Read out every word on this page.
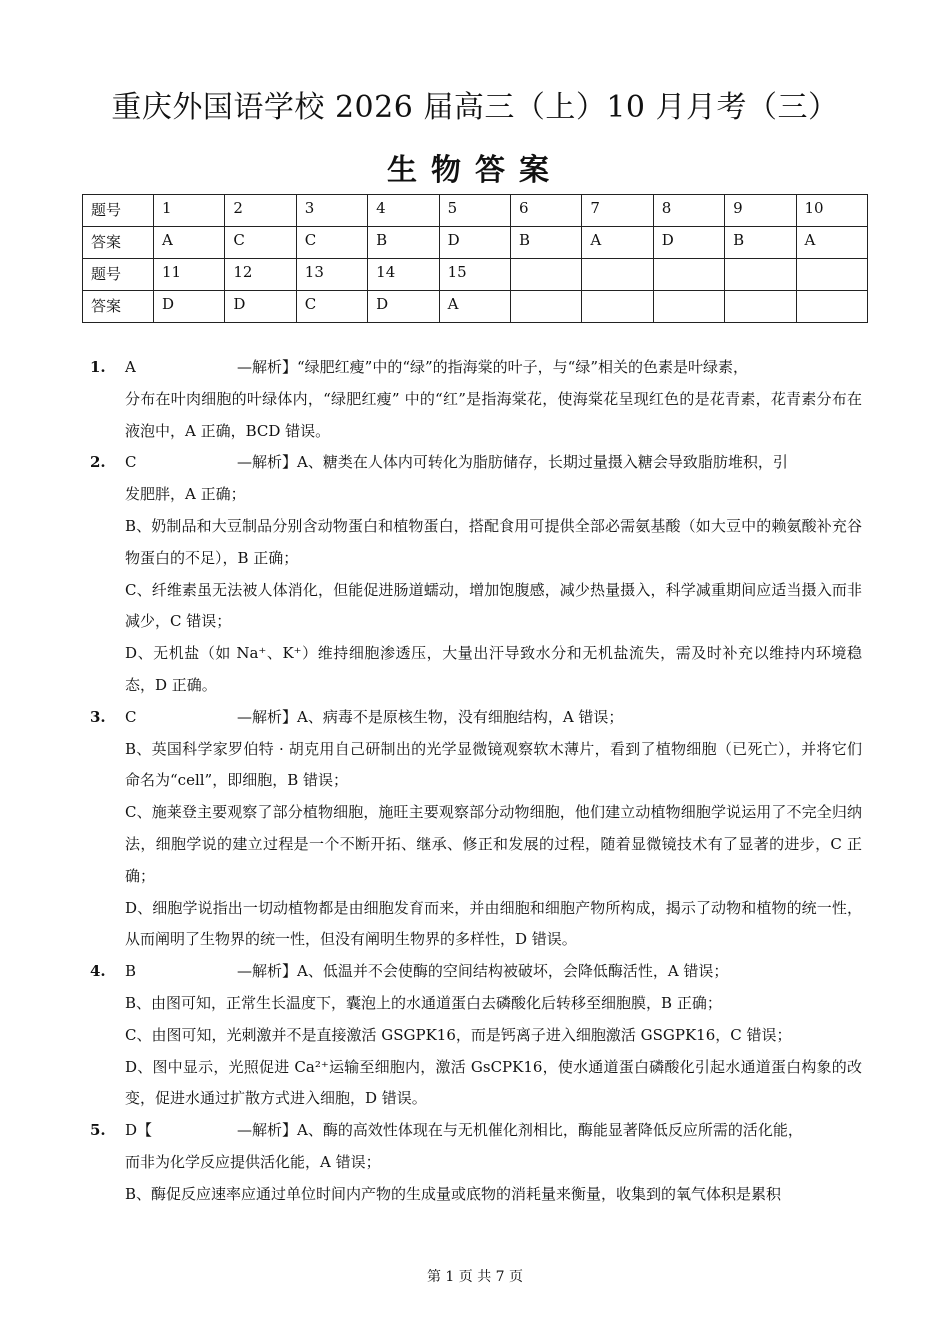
重庆外国语学校 2026 届高三（上）10 月月考（三）
生物答案
题号	1	2	3	4	5	6	7	8	9	10
答案	A	C	C	B	D	B	A	D	B	A
题号	11	12	13	14	15					
答案	D	D	C	D	A					
1.	A	—解析】“绿肥红瘦”中的“绿”的指海棠的叶子，与“绿”相关的色素是叶绿素，
分布在叶肉细胞的叶绿体内，“绿肥红瘦” 中的“红”是指海棠花，使海棠花呈现红色的是花青素，花青素分布在液泡中，A 正确，BCD 错误。
2.	C	—解析】A、糖类在人体内可转化为脂肪储存，长期过量摄入糖会导致脂肪堆积，引
发肥胖，A 正确；
B、奶制品和大豆制品分别含动物蛋白和植物蛋白，搭配食用可提供全部必需氨基酸（如大豆中的赖氨酸补充谷物蛋白的不足），B 正确；
C、纤维素虽无法被人体消化，但能促进肠道蠕动，增加饱腹感，减少热量摄入，科学减重期间应适当摄入而非减少，C 错误；
D、无机盐（如 Na⁺、K⁺）维持细胞渗透压，大量出汗导致水分和无机盐流失，需及时补充以维持内环境稳态，D 正确。
3.	C	—解析】A、病毒不是原核生物，没有细胞结构，A 错误；
B、英国科学家罗伯特 · 胡克用自己研制出的光学显微镜观察软木薄片，看到了植物细胞（已死亡），并将它们命名为“cell”，即细胞，B 错误；
C、施莱登主要观察了部分植物细胞，施旺主要观察部分动物细胞，他们建立动植物细胞学说运用了不完全归纳法，细胞学说的建立过程是一个不断开拓、继承、修正和发展的过程，随着显微镜技术有了显著的进步，C 正确；
D、细胞学说指出一切动植物都是由细胞发育而来，并由细胞和细胞产物所构成，揭示了动物和植物的统一性，从而阐明了生物界的统一性，但没有阐明生物界的多样性，D 错误。
4.	B	—解析】A、低温并不会使酶的空间结构被破坏，会降低酶活性，A 错误；
B、由图可知，正常生长温度下，囊泡上的水通道蛋白去磷酸化后转移至细胞膜，B 正确；
C、由图可知，光刺激并不是直接激活 GSGPK16，而是钙离子进入细胞激活 GSGPK16，C 错误；
D、图中显示，光照促进 Ca²⁺运输至细胞内，激活 GsCPK16，使水通道蛋白磷酸化引起水通道蛋白构象的改变，促进水通过扩散方式进入细胞，D 错误。
5.	D【	—解析】A、酶的高效性体现在与无机催化剂相比，酶能显著降低反应所需的活化能，
而非为化学反应提供活化能，A 错误；
B、酶促反应速率应通过单位时间内产物的生成量或底物的消耗量来衡量，收集到的氧气体积是累积
第 1 页 共 7 页
